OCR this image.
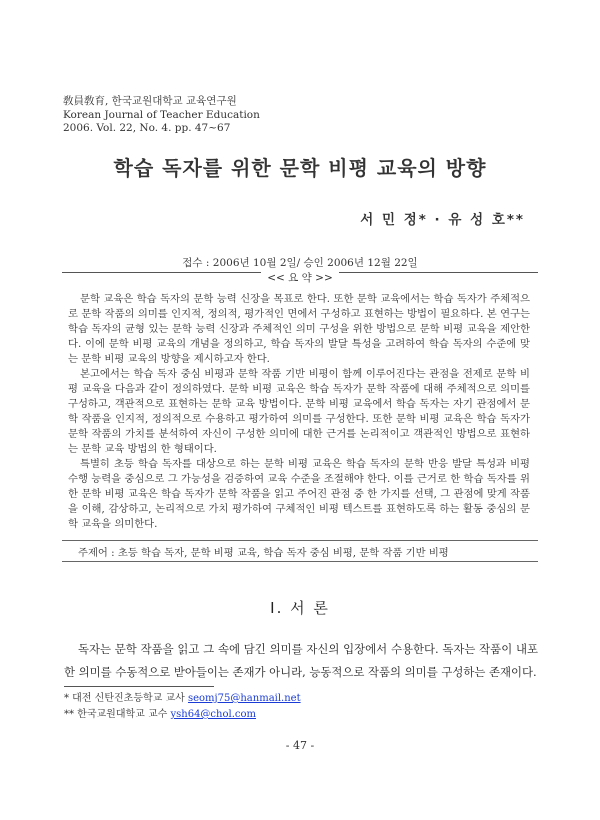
敎員敎育, 한국교원대학교 교육연구원
Korean Journal of Teacher Education
2006. Vol. 22, No. 4. pp. 47~67
학습 독자를 위한 문학 비평 교육의 방향
서 민 정* · 유 성 호**
접수 : 2006년 10월 2일/ 승인 2006년 12월 22일
$^{<< 요 약 >>}$

문학 교육은 학습 독자의 문학 능력 신장을 목표로 한다. 또한 문학 교육에서는 학습 독자가 주체적으로 문학 작품의 의미를 인지적, 정의적, 평가적인 면에서 구성하고 표현하는 방법이 필요하다. 본 연구는 학습 독자의 균형 있는 문학 능력 신장과 주체적인 의미 구성을 위한 방법으로 문학 비평 교육을 제안한다. 이에 문학 비평 교육의 개념을 정의하고, 학습 독자의 발달 특성을 고려하여 학습 독자의 수준에 맞는 문학 비평 교육의 방향을 제시하고자 한다.

본고에서는 학습 독자 중심 비평과 문학 작품 기반 비평이 함께 이루어진다는 관점을 전제로 문학 비평 교육을 다음과 같이 정의하였다. 문학 비평 교육은 학습 독자가 문학 작품에 대해 주체적으로 의미를 구성하고, 객관적으로 표현하는 문학 교육 방법이다. 문학 비평 교육에서 학습 독자는 자기 관점에서 문학 작품을 인지적, 정의적으로 수용하고 평가하여 의미를 구성한다. 또한 문학 비평 교육은 학습 독자가 문학 작품의 가치를 분석하여 자신이 구성한 의미에 대한 근거를 논리적이고 객관적인 방법으로 표현하는 문학 교육 방법의 한 형태이다.

특별히 초등 학습 독자를 대상으로 하는 문학 비평 교육은 학습 독자의 문학 반응 발달 특성과 비평 수행 능력을 중심으로 그 가능성을 검증하여 교육 수준을 조절해야 한다. 이를 근거로 한 학습 독자를 위한 문학 비평 교육은 학습 독자가 문학 작품을 읽고 주어진 관점 중 한 가지를 선택, 그 관점에 맞게 작품을 이해, 감상하고, 논리적으로 가치 평가하여 구체적인 비평 텍스트를 표현하도록 하는 활동 중심의 문학 교육을 의미한다.

주제어 : 초등 학습 독자, 문학 비평 교육, 학습 독자 중심 비평, 문학 작품 기반 비평
Ⅰ. 서 론

독자는 문학 작품을 읽고 그 속에 담긴 의미를 자신의 입장에서 수용한다. 독자는 작품이 내포한 의미를 수동적으로 받아들이는 존재가 아니라, 능동적으로 작품의 의미를 구성하는 존재이다.

* 대전 신탄진초등학교 교사 seomj75@hanmail.net
** 한국교원대학교 교수 ysh64@chol.com
- 47 -
